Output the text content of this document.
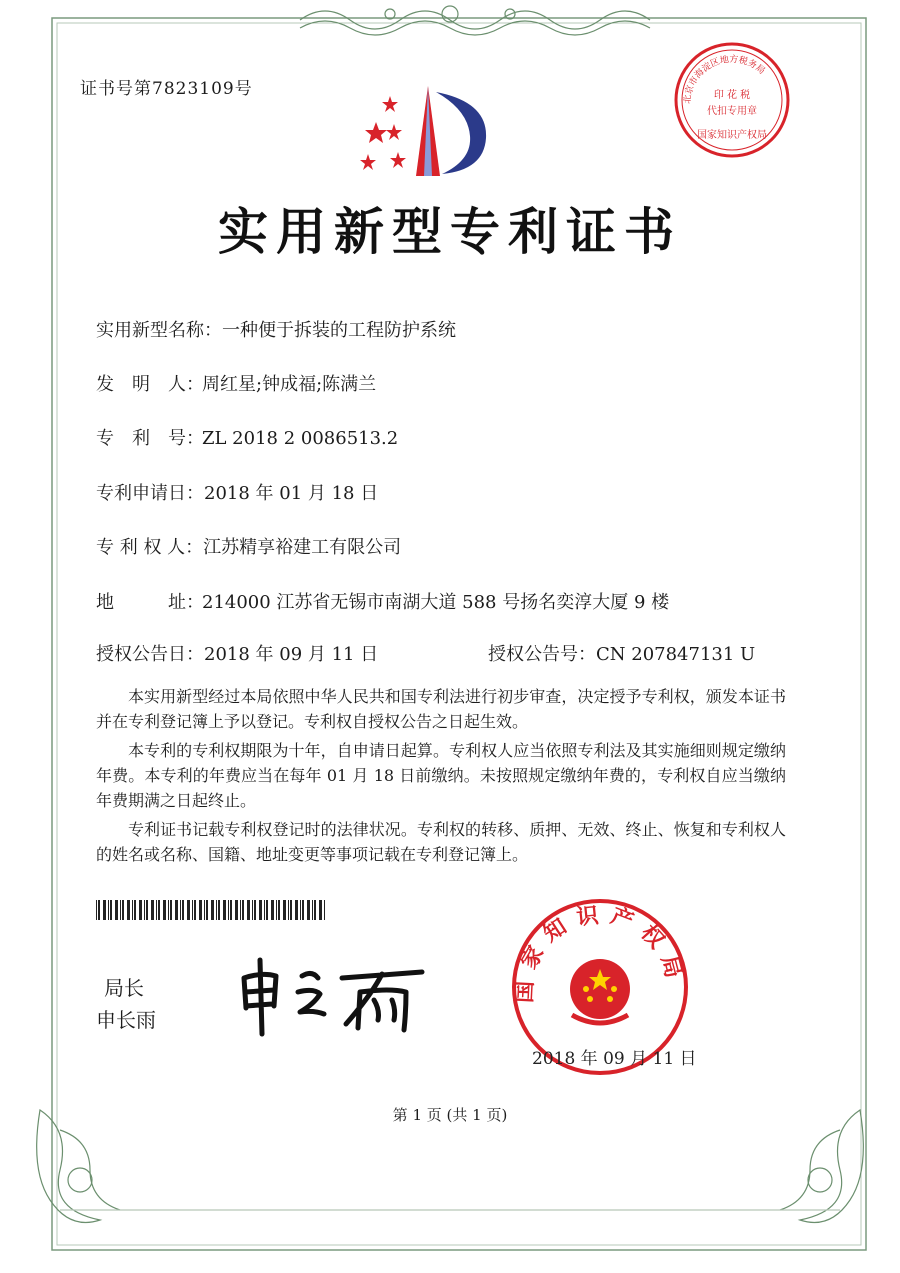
证书号第7823109号
北京市海淀区地方税务局
印 花 税
代扣专用章
国家知识产权局
实用新型专利证书
实用新型名称：一种便于拆装的工程防护系统
发　明　人：周红星;钟成福;陈满兰
专　利　号：ZL 2018 2 0086513.2
专利申请日：2018 年 01 月 18 日
专 利 权 人：江苏精享裕建工有限公司
地　　　址：214000 江苏省无锡市南湖大道 588 号扬名奕淳大厦 9 楼
授权公告日：2018 年 09 月 11 日	授权公告号：CN 207847131 U

本实用新型经过本局依照中华人民共和国专利法进行初步审查，决定授予专利权，颁发本证书并在专利登记簿上予以登记。专利权自授权公告之日起生效。

本专利的专利权期限为十年，自申请日起算。专利权人应当依照专利法及其实施细则规定缴纳年费。本专利的年费应当在每年 01 月 18 日前缴纳。未按照规定缴纳年费的，专利权自应当缴纳年费期满之日起终止。

专利证书记载专利权登记时的法律状况。专利权的转移、质押、无效、终止、恢复和专利权人的姓名或名称、国籍、地址变更等事项记载在专利登记簿上。

局长
申长雨
国家知识产权局
2018 年 09 月 11 日
第 1 页 (共 1 页)
